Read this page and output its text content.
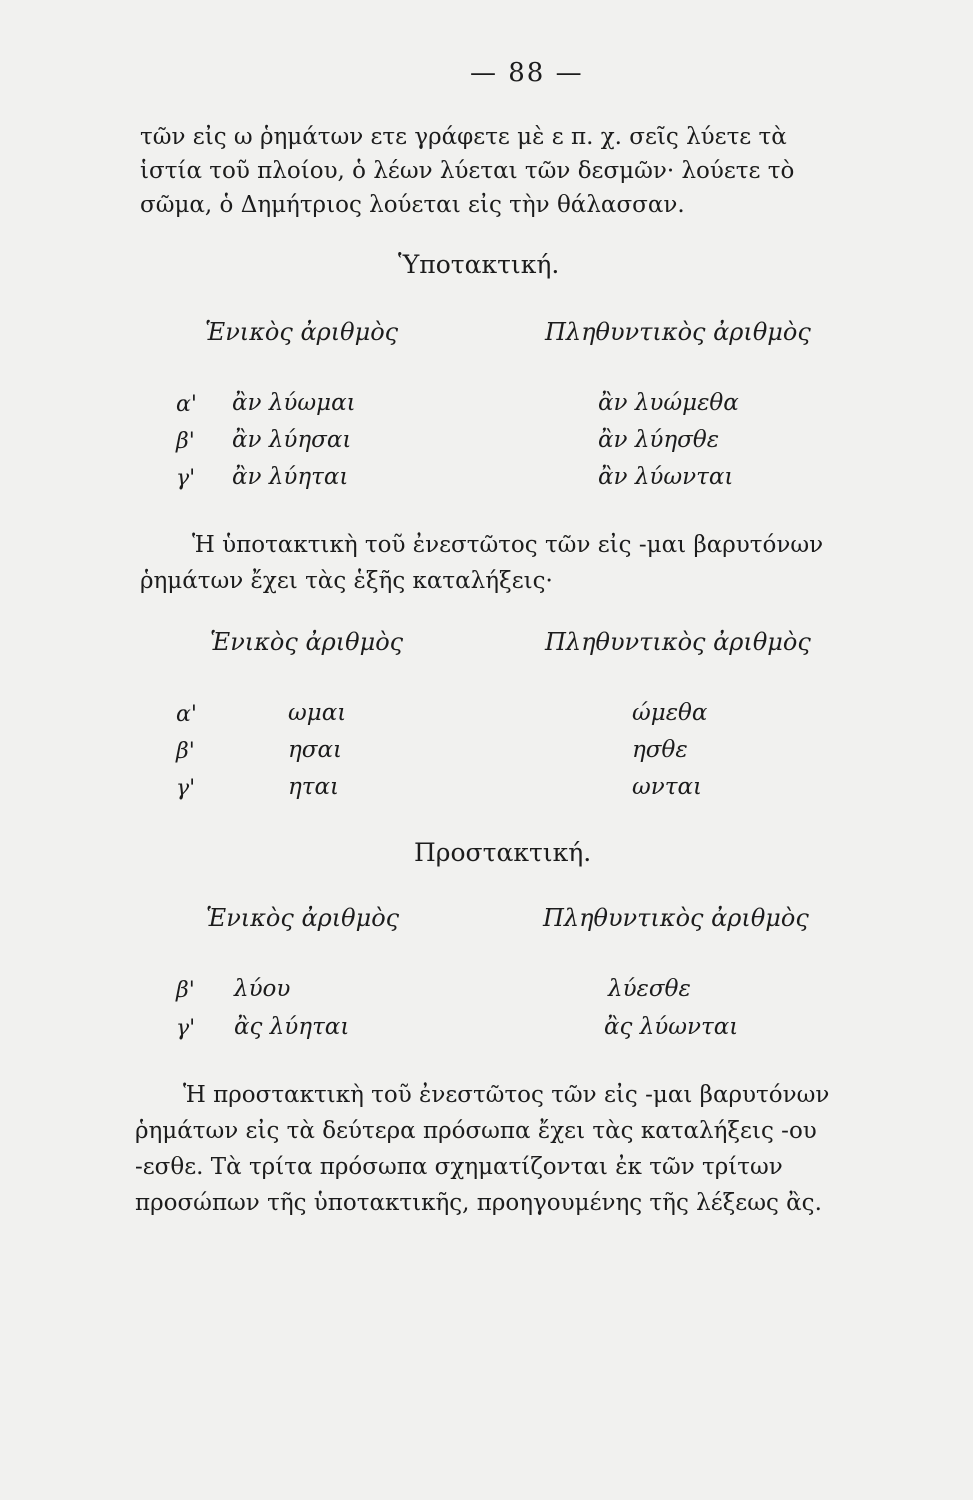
— 88 —
τῶν εἰς ω ῥημάτων ετε γράφετε μὲ ε π. χ. σεῖς λύετε τὰ
ἱστία τοῦ πλοίου, ὁ λέων λύεται τῶν δεσμῶν· λούετε τὸ
σῶμα, ὁ Δημήτριος λούεται εἰς τὴν θάλασσαν.
Ὑποτακτική.
Ἑνικὸς ἀριθμὸς	Πληθυντικὸς ἀριθμὸς
α' ἂν λύωμαι	ἂν λυώμεθα
β' ἂν λύησαι	ἂν λύησθε
γ' ἂν λύηται	ἂν λύωνται
Ἡ ὑποτακτικὴ τοῦ ἐνεστῶτος τῶν εἰς -μαι βαρυτόνων
ῥημάτων ἔχει τὰς ἑξῆς καταλήξεις·
Ἑνικὸς ἀριθμὸς	Πληθυντικὸς ἀριθμὸς
α'	ωμαι	ώμεθα
β'	ησαι	ησθε
γ'	ηται	ωνται
Προστακτική.
Ἑνικὸς ἀριθμὸς	Πληθυντικὸς ἀριθμὸς
β' λύου	λύεσθε
γ' ἂς λύηται	ἂς λύωνται
Ἡ προστακτικὴ τοῦ ἐνεστῶτος τῶν εἰς -μαι βαρυτόνων
ῥημάτων εἰς τὰ δεύτερα πρόσωπα ἔχει τὰς καταλήξεις -ου
-εσθε. Τὰ τρίτα πρόσωπα σχηματίζονται ἐκ τῶν τρίτων
προσώπων τῆς ὑποτακτικῆς, προηγουμένης τῆς λέξεως ἂς.
